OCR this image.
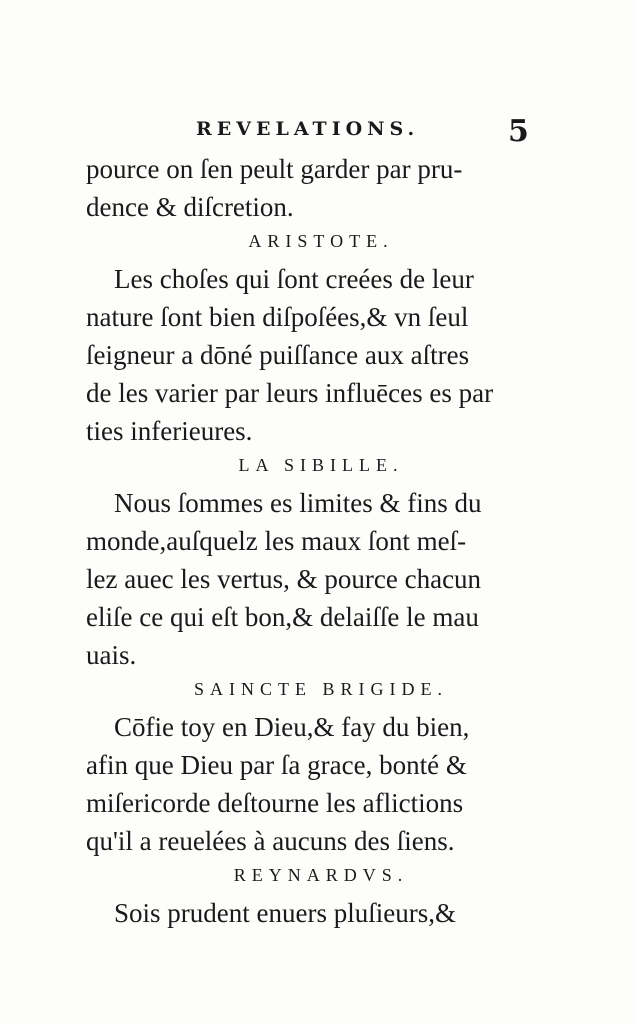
REVELATIONS.	5
pource on ſen peult garder par pru-
dence & diſcretion.
ARISTOTE.
Les choſes qui ſont creées de leur
nature ſont bien diſpoſées,& vn ſeul
ſeigneur a dōné puiſſance aux aſtres
de les varier par leurs influēces es par
ties inferieures.
LA SIBILLE.
Nous ſommes es limites & fins du
monde,auſquelz les maux ſont meſ-
lez auec les vertus, & pource chacun
eliſe ce qui eſt bon,& delaiſſe le mau
uais.
SAINCTE BRIGIDE.
Cōfie toy en Dieu,& fay du bien,
afin que Dieu par ſa grace, bonté &
miſericorde deſtourne les aflictions
qu'il a reuelées à aucuns des ſiens.
REYNARDVS.
Sois prudent enuers pluſieurs,&
